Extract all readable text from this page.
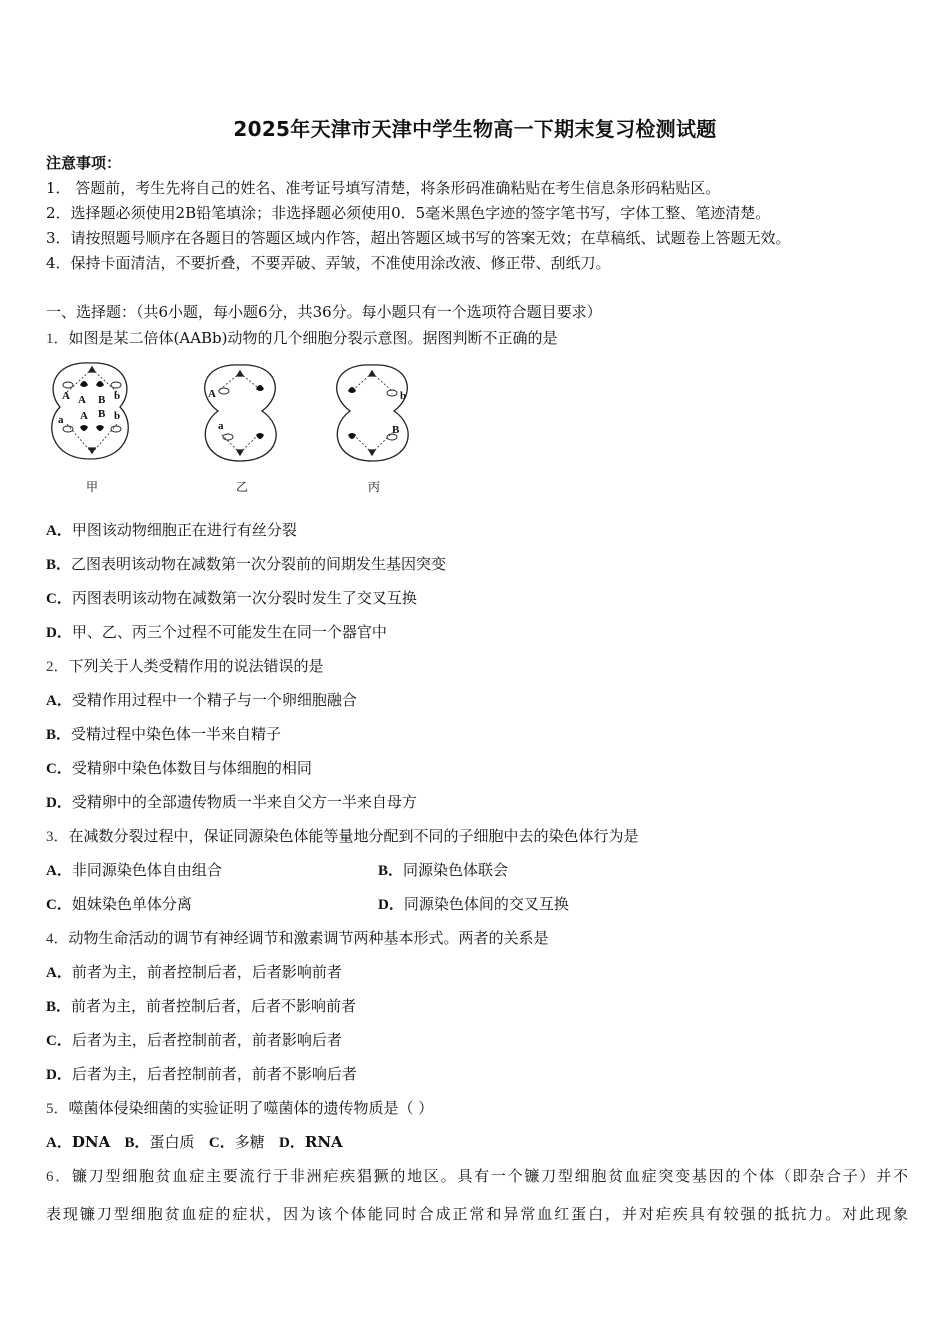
2025年天津市天津中学生物高一下期末复习检测试题
注意事项：
1． 答题前，考生先将自己的姓名、准考证号填写清楚，将条形码准确粘贴在考生信息条形码粘贴区。
2．选择题必须使用2B铅笔填涂；非选择题必须使用0．5毫米黑色字迹的签字笔书写，字体工整、笔迹清楚。
3．请按照题号顺序在各题目的答题区域内作答，超出答题区域书写的答案无效；在草稿纸、试题卷上答题无效。
4．保持卡面清洁，不要折叠，不要弄破、弄皱，不准使用涂改液、修正带、刮纸刀。
一、选择题：（共6小题，每小题6分，共36分。每小题只有一个选项符合题目要求）
1．如图是某二倍体(AABb)动物的几个细胞分裂示意图。据图判断不正确的是
A A B b
A B b
a
甲
A
a
乙
b
B
丙
A．甲图该动物细胞正在进行有丝分裂
B．乙图表明该动物在减数第一次分裂前的间期发生基因突变
C．丙图表明该动物在减数第一次分裂时发生了交叉互换
D．甲、乙、丙三个过程不可能发生在同一个器官中
2．下列关于人类受精作用的说法错误的是
A．受精作用过程中一个精子与一个卵细胞融合
B．受精过程中染色体一半来自精子
C．受精卵中染色体数目与体细胞的相同
D．受精卵中的全部遗传物质一半来自父方一半来自母方
3．在减数分裂过程中，保证同源染色体能等量地分配到不同的子细胞中去的染色体行为是
A．非同源染色体自由组合	B．同源染色体联会
C．姐妹染色单体分离	D．同源染色体间的交叉互换
4．动物生命活动的调节有神经调节和激素调节两种基本形式。两者的关系是
A．前者为主，前者控制后者，后者影响前者
B．前者为主，前者控制后者，后者不影响前者
C．后者为主，后者控制前者，前者影响后者
D．后者为主，后者控制前者，前者不影响后者
5．噬菌体侵染细菌的实验证明了噬菌体的遗传物质是（ ）
A．DNA B．蛋白质 C．多糖 D．RNA
6．镰刀型细胞贫血症主要流行于非洲疟疾猖獗的地区。具有一个镰刀型细胞贫血症突变基因的个体（即杂合子）并不
表现镰刀型细胞贫血症的症状，因为该个体能同时合成正常和异常血红蛋白，并对疟疾具有较强的抵抗力。对此现象
